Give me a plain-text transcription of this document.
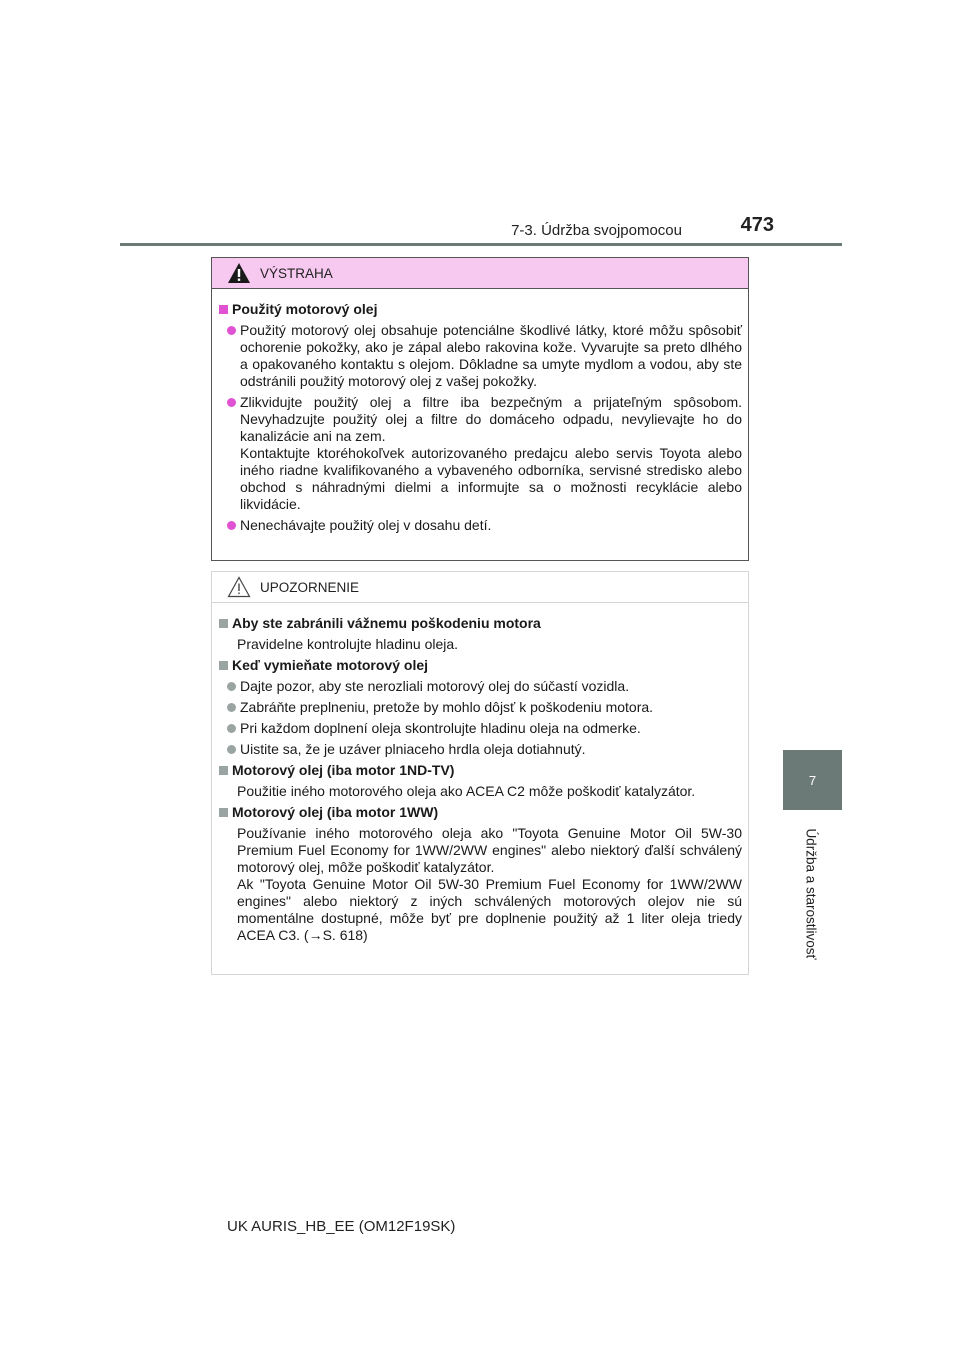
7-3. Údržba svojpomocou	473
7
Údržba a starostlivosť
VÝSTRAHA
Použitý motorový olej
Použitý motorový olej obsahuje potenciálne škodlivé látky, ktoré môžu spôsobiť ochorenie pokožky, ako je zápal alebo rakovina kože. Vyvarujte sa preto dlhého a opakovaného kontaktu s olejom. Dôkladne sa umyte mydlom a vodou, aby ste odstránili použitý motorový olej z vašej pokožky.
Zlikvidujte použitý olej a filtre iba bezpečným a prijateľným spôsobom. Nevyhadzujte použitý olej a filtre do domáceho odpadu, nevylievajte ho do kanalizácie ani na zem.
Kontaktujte ktoréhokoľvek autorizovaného predajcu alebo servis Toyota alebo iného riadne kvalifikovaného a vybaveného odborníka, servisné stredisko alebo obchod s náhradnými dielmi a informujte sa o možnosti recyklácie alebo likvidácie.
Nenechávajte použitý olej v dosahu detí.
UPOZORNENIE
Aby ste zabránili vážnemu poškodeniu motora
Pravidelne kontrolujte hladinu oleja.
Keď vymieňate motorový olej
Dajte pozor, aby ste nerozliali motorový olej do súčastí vozidla.
Zabráňte preplneniu, pretože by mohlo dôjsť k poškodeniu motora.
Pri každom doplnení oleja skontrolujte hladinu oleja na odmerke.
Uistite sa, že je uzáver plniaceho hrdla oleja dotiahnutý.
Motorový olej (iba motor 1ND-TV)
Použitie iného motorového oleja ako ACEA C2 môže poškodiť katalyzátor.
Motorový olej (iba motor 1WW)
Používanie iného motorového oleja ako "Toyota Genuine Motor Oil 5W-30 Premium Fuel Economy for 1WW/2WW engines" alebo niektorý ďalší schválený motorový olej, môže poškodiť katalyzátor.
Ak "Toyota Genuine Motor Oil 5W-30 Premium Fuel Economy for 1WW/2WW engines" alebo niektorý z iných schválených motorových olejov nie sú momentálne dostupné, môže byť pre doplnenie použitý až 1 liter oleja triedy ACEA C3. (→S. 618)
UK AURIS_HB_EE (OM12F19SK)
